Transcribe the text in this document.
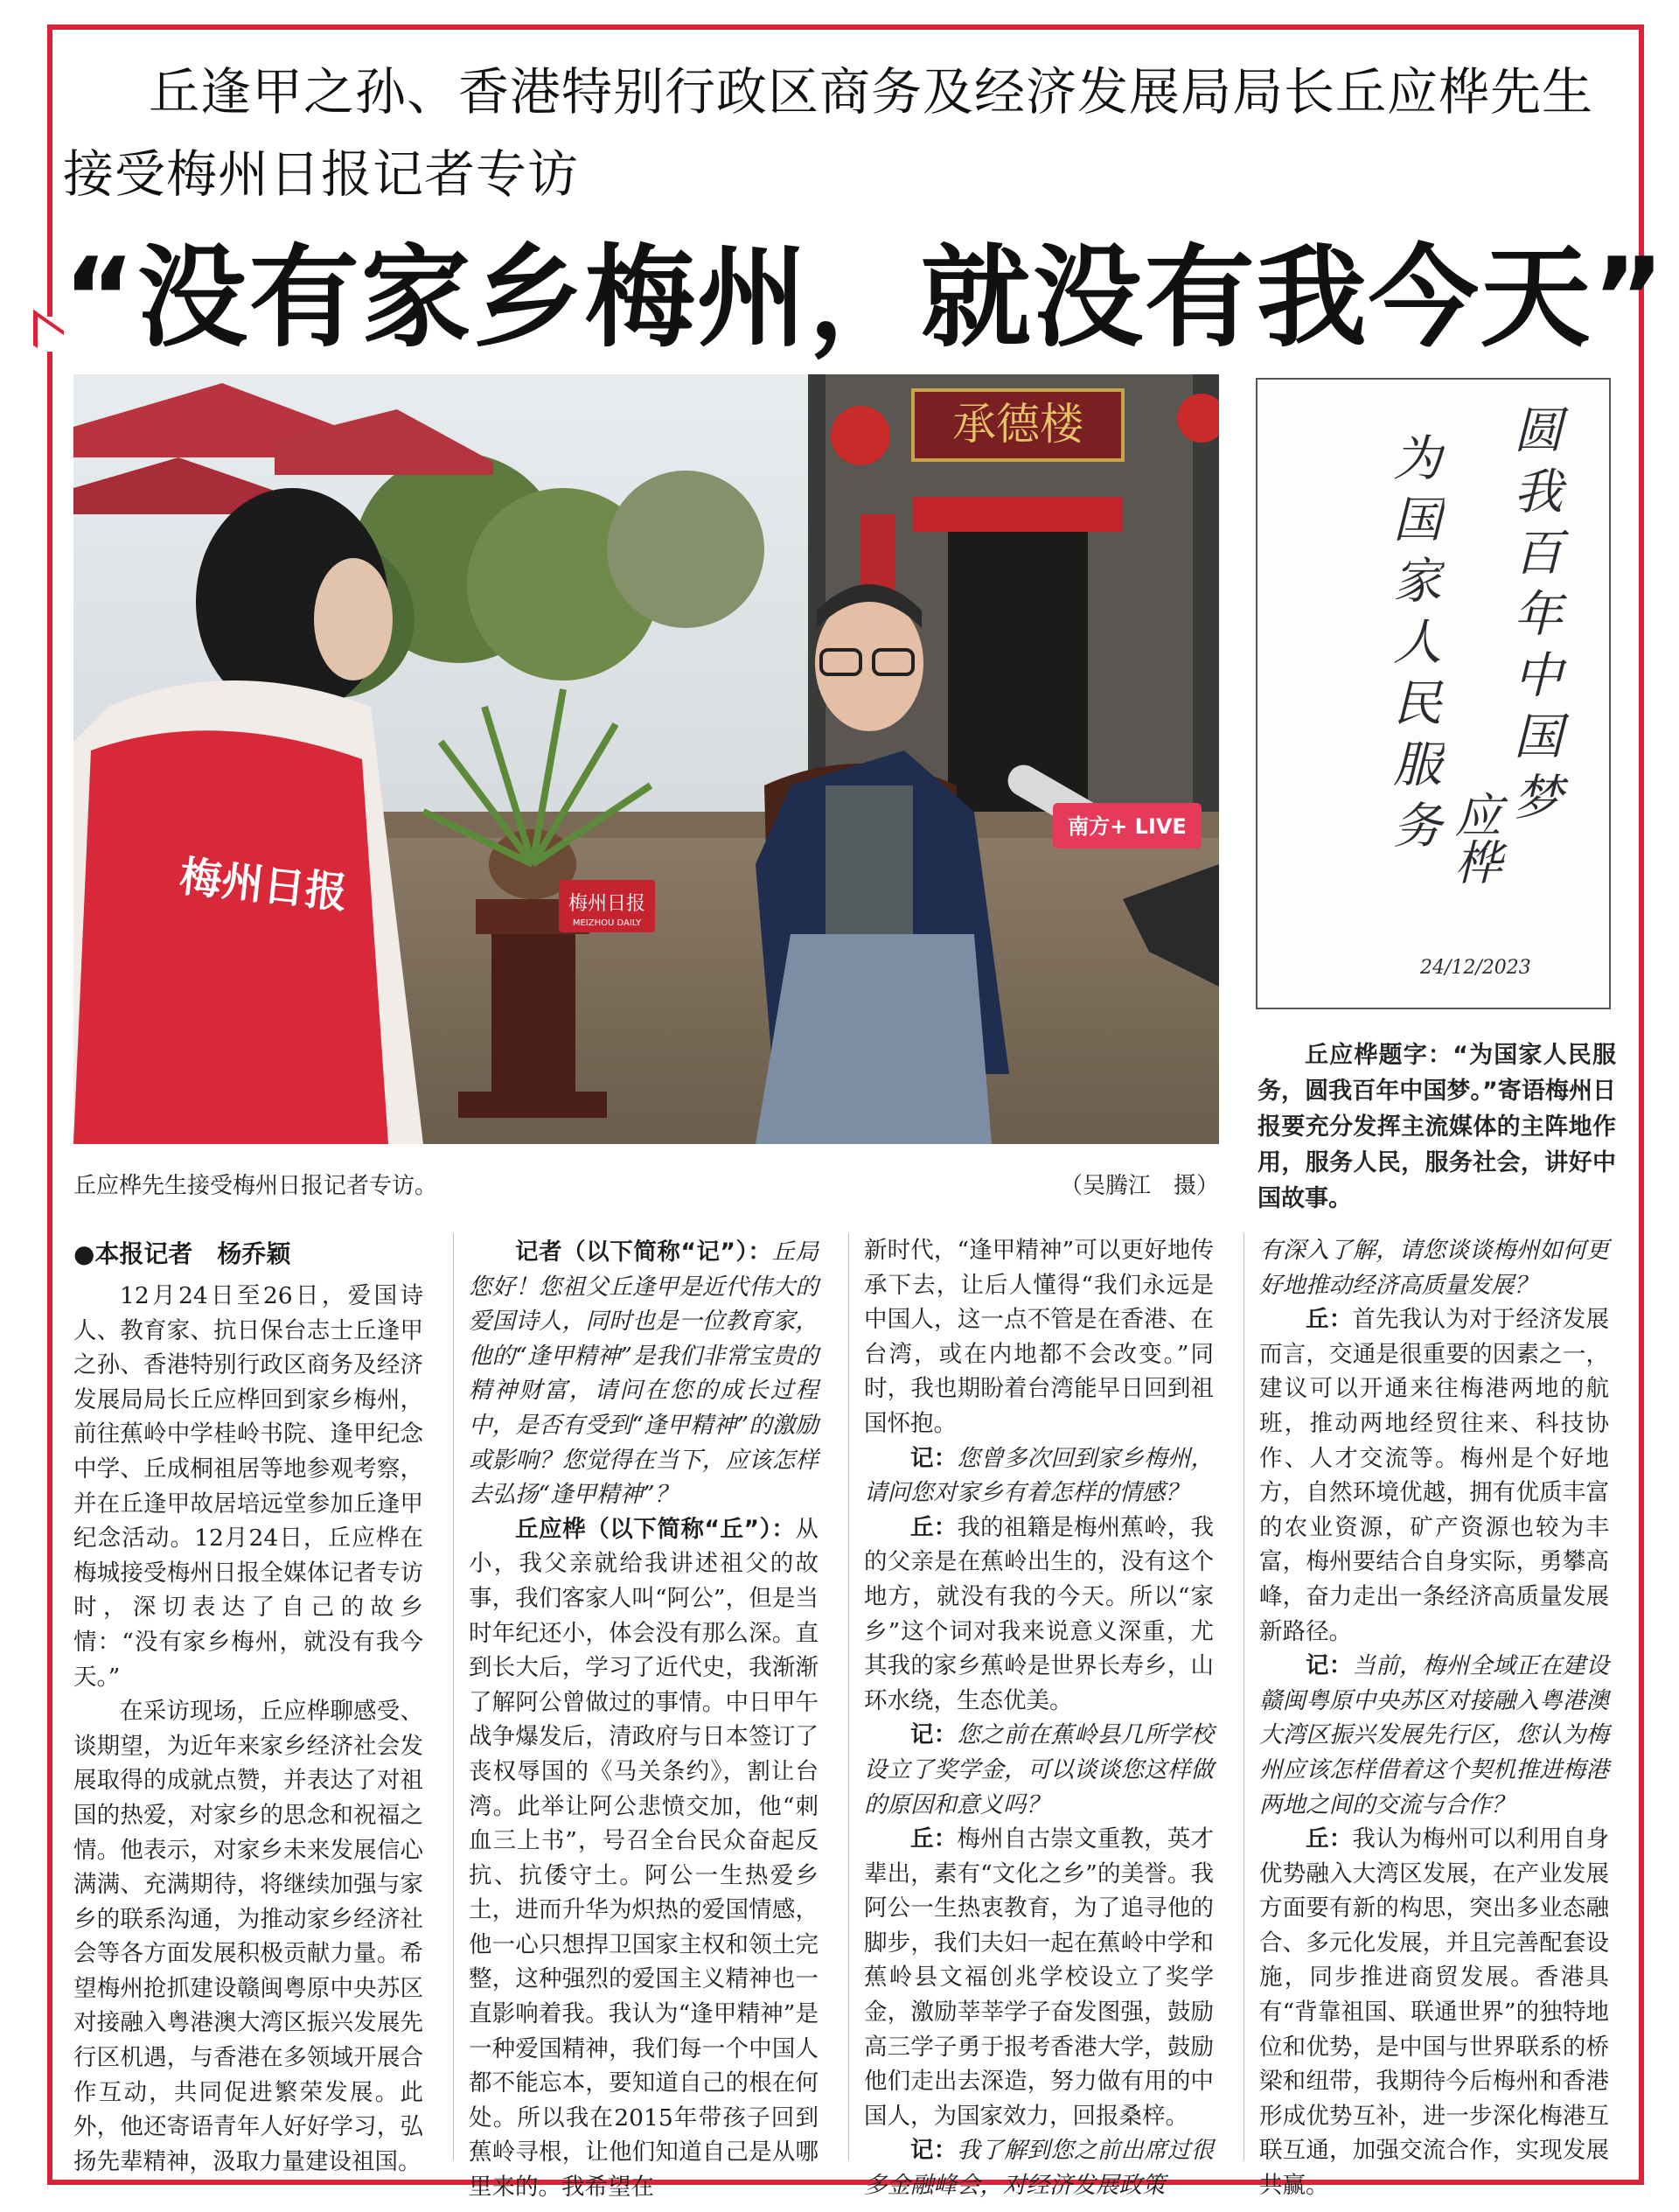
丘逢甲之孙、香港特别行政区商务及经济发展局局长丘应桦先生
接受梅州日报记者专访
“没有家乡梅州，就没有我今天”
承德楼
梅州日报
MEIZHOU DAILY
南方+ LIVE
梅州日报
丘应桦先生接受梅州日报记者专访。	（吴腾江　摄）
圆我百年中国梦
为国家人民服务 应桦
24/12/2023
丘应桦题字：“为国家人民服务，圆我百年中国梦。”寄语梅州日报要充分发挥主流媒体的主阵地作用，服务人民，服务社会，讲好中国故事。
●本报记者　杨乔颖

12月24日至26日，爱国诗人、教育家、抗日保台志士丘逢甲之孙、香港特别行政区商务及经济发展局局长丘应桦回到家乡梅州，前往蕉岭中学桂岭书院、逢甲纪念中学、丘成桐祖居等地参观考察，并在丘逢甲故居培远堂参加丘逢甲纪念活动。12月24日，丘应桦在梅城接受梅州日报全媒体记者专访时，深切表达了自己的故乡情：“没有家乡梅州，就没有我今天。”

在采访现场，丘应桦聊感受、谈期望，为近年来家乡经济社会发展取得的成就点赞，并表达了对祖国的热爱，对家乡的思念和祝福之情。他表示，对家乡未来发展信心满满、充满期待，将继续加强与家乡的联系沟通，为推动家乡经济社会等各方面发展积极贡献力量。希望梅州抢抓建设赣闽粤原中央苏区对接融入粤港澳大湾区振兴发展先行区机遇，与香港在多领域开展合作互动，共同促进繁荣发展。此外，他还寄语青年人好好学习，弘扬先辈精神，汲取力量建设祖国。

记者（以下简称“记”）：丘局您好！您祖父丘逢甲是近代伟大的爱国诗人，同时也是一位教育家，他的“逢甲精神”是我们非常宝贵的精神财富，请问在您的成长过程中，是否有受到“逢甲精神”的激励或影响？您觉得在当下，应该怎样去弘扬“逢甲精神”？

丘应桦（以下简称“丘”）：从小，我父亲就给我讲述祖父的故事，我们客家人叫“阿公”，但是当时年纪还小，体会没有那么深。直到长大后，学习了近代史，我渐渐了解阿公曾做过的事情。中日甲午战争爆发后，清政府与日本签订了丧权辱国的《马关条约》，割让台湾。此举让阿公悲愤交加，他“刺血三上书”，号召全台民众奋起反抗、抗倭守土。阿公一生热爱乡土，进而升华为炽热的爱国情感，他一心只想捍卫国家主权和领土完整，这种强烈的爱国主义精神也一直影响着我。我认为“逢甲精神”是一种爱国精神，我们每一个中国人都不能忘本，要知道自己的根在何处。所以我在2015年带孩子回到蕉岭寻根，让他们知道自己是从哪里来的。我希望在

新时代，“逢甲精神”可以更好地传承下去，让后人懂得“我们永远是中国人，这一点不管是在香港、在台湾，或在内地都不会改变。”同时，我也期盼着台湾能早日回到祖国怀抱。

记：您曾多次回到家乡梅州，请问您对家乡有着怎样的情感？

丘：我的祖籍是梅州蕉岭，我的父亲是在蕉岭出生的，没有这个地方，就没有我的今天。所以“家乡”这个词对我来说意义深重，尤其我的家乡蕉岭是世界长寿乡，山环水绕，生态优美。

记：您之前在蕉岭县几所学校设立了奖学金，可以谈谈您这样做的原因和意义吗？

丘：梅州自古崇文重教，英才辈出，素有“文化之乡”的美誉。我阿公一生热衷教育，为了追寻他的脚步，我们夫妇一起在蕉岭中学和蕉岭县文福创兆学校设立了奖学金，激励莘莘学子奋发图强，鼓励高三学子勇于报考香港大学，鼓励他们走出去深造，努力做有用的中国人，为国家效力，回报桑梓。

记：我了解到您之前出席过很多金融峰会，对经济发展政策

有深入了解，请您谈谈梅州如何更好地推动经济高质量发展？

丘：首先我认为对于经济发展而言，交通是很重要的因素之一，建议可以开通来往梅港两地的航班，推动两地经贸往来、科技协作、人才交流等。梅州是个好地方，自然环境优越，拥有优质丰富的农业资源，矿产资源也较为丰富，梅州要结合自身实际，勇攀高峰，奋力走出一条经济高质量发展新路径。

记：当前，梅州全域正在建设赣闽粤原中央苏区对接融入粤港澳大湾区振兴发展先行区，您认为梅州应该怎样借着这个契机推进梅港两地之间的交流与合作？

丘：我认为梅州可以利用自身优势融入大湾区发展，在产业发展方面要有新的构思，突出多业态融合、多元化发展，并且完善配套设施，同步推进商贸发展。香港具有“背靠祖国、联通世界”的独特地位和优势，是中国与世界联系的桥梁和纽带，我期待今后梅州和香港形成优势互补，进一步深化梅港互联互通，加强交流合作，实现发展共赢。
